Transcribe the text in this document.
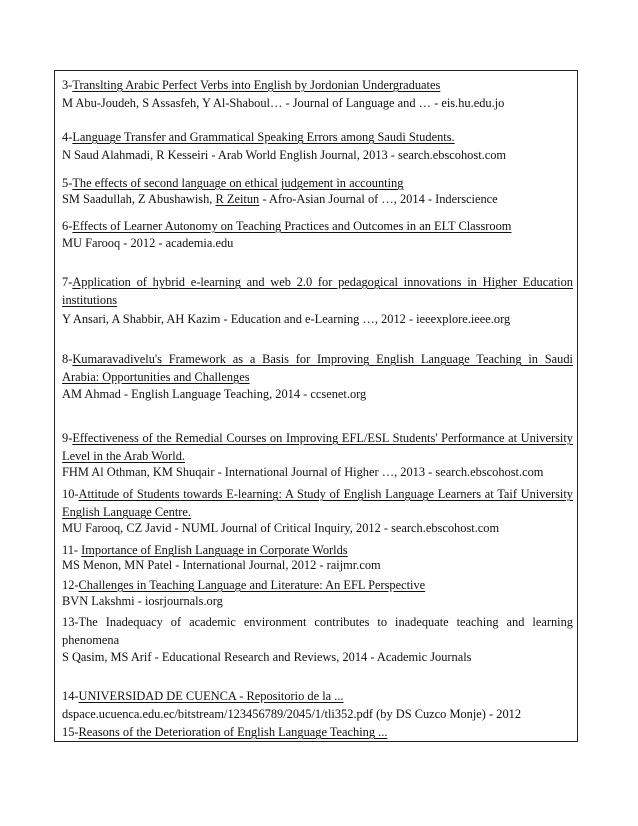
3-Translting Arabic Perfect Verbs into English by Jordonian Undergraduates
M Abu-Joudeh, S Assasfeh, Y Al-Shaboul… - Journal of Language and … - eis.hu.edu.jo
4-Language Transfer and Grammatical Speaking Errors among Saudi Students.
N Saud Alahmadi, R Kesseiri - Arab World English Journal, 2013 - search.ebscohost.com
5-The effects of second language on ethical judgement in accounting
SM Saadullah, Z Abushawish, R Zeitun - Afro-Asian Journal of …, 2014 - Inderscience
6-Effects of Learner Autonomy on Teaching Practices and Outcomes in an ELT Classroom
MU Farooq - 2012 - academia.edu
7-Application of hybrid e-learning and web 2.0 for pedagogical innovations in Higher Education
institutions
Y Ansari, A Shabbir, AH Kazim - Education and e-Learning …, 2012 - ieeexplore.ieee.org
8-Kumaravadivelu's Framework as a Basis for Improving English Language Teaching in Saudi
Arabia: Opportunities and Challenges
AM Ahmad - English Language Teaching, 2014 - ccsenet.org
9-Effectiveness of the Remedial Courses on Improving EFL/ESL Students' Performance at University
Level in the Arab World.
FHM Al Othman, KM Shuqair - International Journal of Higher …, 2013 - search.ebscohost.com
10-Attitude of Students towards E-learning: A Study of English Language Learners at Taif University
English Language Centre.
MU Farooq, CZ Javid - NUML Journal of Critical Inquiry, 2012 - search.ebscohost.com
11- Importance of English Language in Corporate Worlds
MS Menon, MN Patel - International Journal, 2012 - raijmr.com
12-Challenges in Teaching Language and Literature: An EFL Perspective
BVN Lakshmi - iosrjournals.org
13-The Inadequacy of academic environment contributes to inadequate teaching and learning
phenomena
S Qasim, MS Arif - Educational Research and Reviews, 2014 - Academic Journals
14-UNIVERSIDAD DE CUENCA - Repositorio de la ...
dspace.ucuenca.edu.ec/bitstream/123456789/2045/1/tli352.pdf (by DS Cuzco Monje) - 2012
15-Reasons of the Deterioration of English Language Teaching ...
